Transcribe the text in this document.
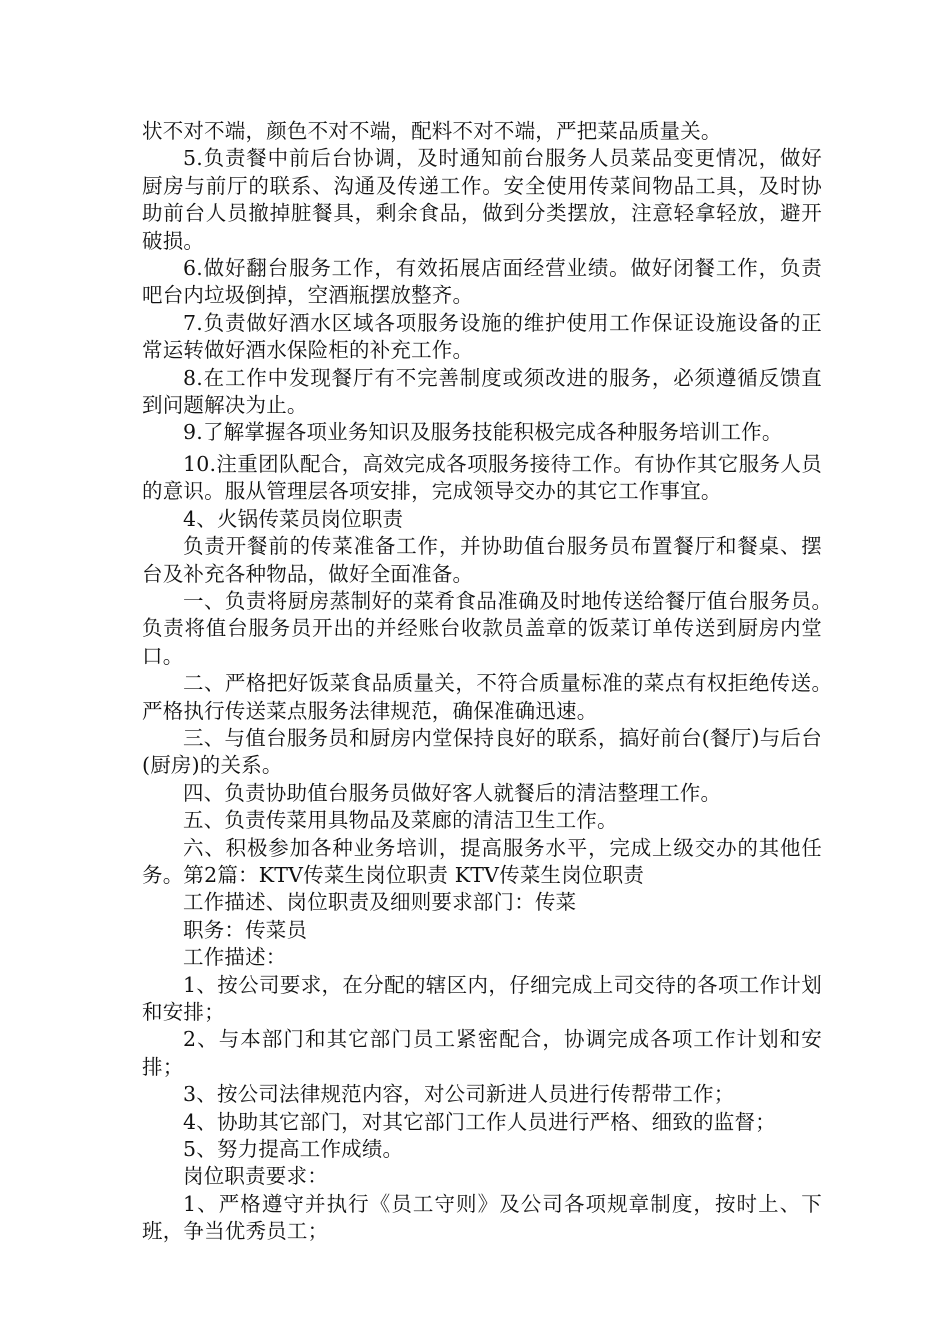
状不对不端，颜色不对不端，配料不对不端，严把菜品质量关。

5.负责餐中前后台协调，及时通知前台服务人员菜品变更情况，做好厨房与前厅的联系、沟通及传递工作。安全使用传菜间物品工具，及时协助前台人员撤掉脏餐具，剩余食品，做到分类摆放，注意轻拿轻放，避开破损。

6.做好翻台服务工作，有效拓展店面经营业绩。做好闭餐工作，负责吧台内垃圾倒掉，空酒瓶摆放整齐。

7.负责做好酒水区域各项服务设施的维护使用工作保证设施设备的正常运转做好酒水保险柜的补充工作。

8.在工作中发现餐厅有不完善制度或须改进的服务，必须遵循反馈直到问题解决为止。

9.了解掌握各项业务知识及服务技能积极完成各种服务培训工作。

10.注重团队配合，高效完成各项服务接待工作。有协作其它服务人员的意识。服从管理层各项安排，完成领导交办的其它工作事宜。

4、火锅传菜员岗位职责

负责开餐前的传菜准备工作，并协助值台服务员布置餐厅和餐桌、摆台及补充各种物品，做好全面准备。

一、负责将厨房蒸制好的菜肴食品准确及时地传送给餐厅值台服务员。　负责将值台服务员开出的并经账台收款员盖章的饭菜订单传送到厨房内堂口。

二、严格把好饭菜食品质量关，不符合质量标准的菜点有权拒绝传送。　严格执行传送菜点服务法律规范，确保准确迅速。

三、与值台服务员和厨房内堂保持良好的联系，搞好前台(餐厅)与后台(厨房)的关系。

四、负责协助值台服务员做好客人就餐后的清洁整理工作。

五、负责传菜用具物品及菜廊的清洁卫生工作。

六、积极参加各种业务培训，提高服务水平，完成上级交办的其他任务。第2篇：KTV传菜生岗位职责 KTV传菜生岗位职责

工作描述、岗位职责及细则要求部门：传菜

职务：传菜员

工作描述：

1、按公司要求，在分配的辖区内，仔细完成上司交待的各项工作计划和安排；

2、与本部门和其它部门员工紧密配合，协调完成各项工作计划和安排；

3、按公司法律规范内容，对公司新进人员进行传帮带工作；

4、协助其它部门，对其它部门工作人员进行严格、细致的监督；

5、努力提高工作成绩。

岗位职责要求：

1、严格遵守并执行《员工守则》及公司各项规章制度，按时上、下班，争当优秀员工；
